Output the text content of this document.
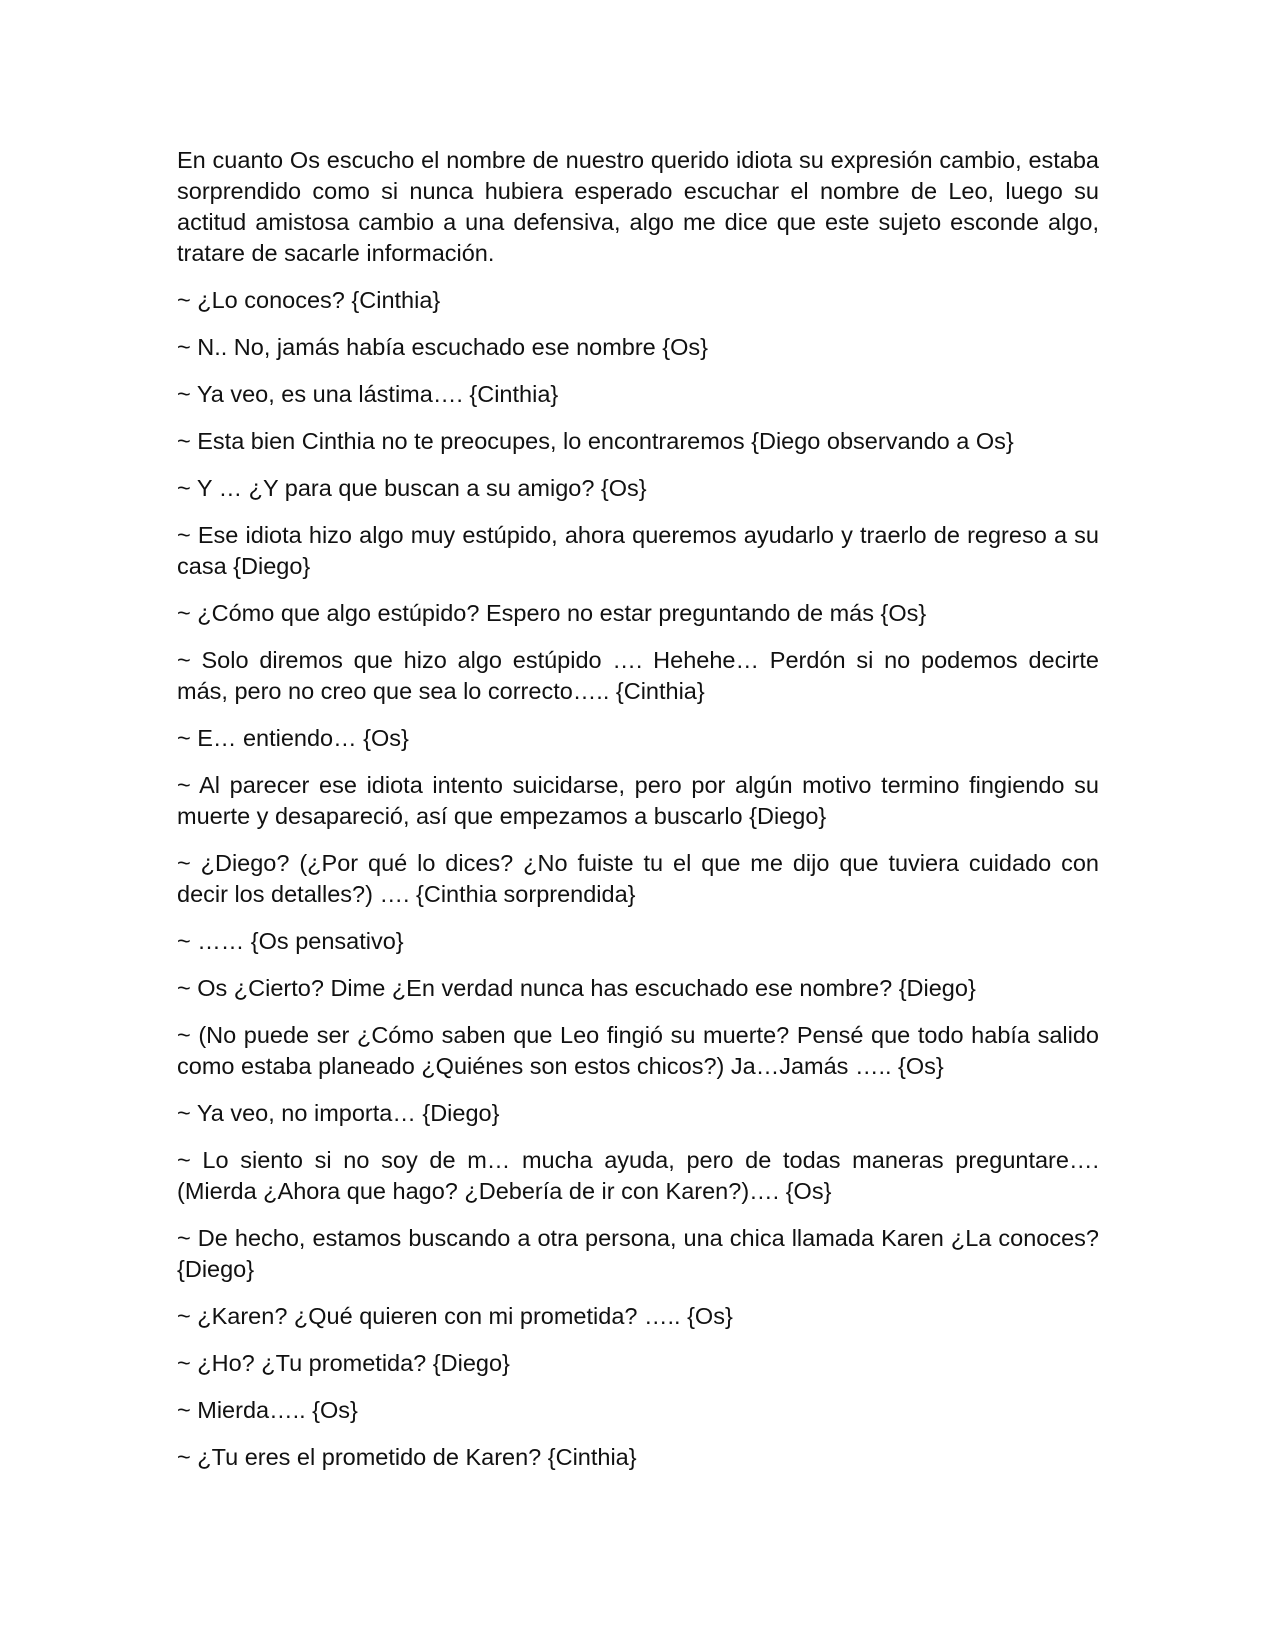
En cuanto Os escucho el nombre de nuestro querido idiota su expresión cambio, estaba sorprendido como si nunca hubiera esperado escuchar el nombre de Leo, luego su actitud amistosa cambio a una defensiva, algo me dice que este sujeto esconde algo, tratare de sacarle información.

~ ¿Lo conoces? {Cinthia}

~ N.. No, jamás había escuchado ese nombre {Os}

~ Ya veo, es una lástima…. {Cinthia}

~ Esta bien Cinthia no te preocupes, lo encontraremos {Diego observando a Os}

~ Y … ¿Y para que buscan a su amigo? {Os}

~ Ese idiota hizo algo muy estúpido, ahora queremos ayudarlo y traerlo de regreso a su casa {Diego}

~ ¿Cómo que algo estúpido? Espero no estar preguntando de más {Os}

~ Solo diremos que hizo algo estúpido …. Hehehe… Perdón si no podemos decirte más, pero no creo que sea lo correcto….. {Cinthia}

~ E… entiendo… {Os}

~ Al parecer ese idiota intento suicidarse, pero por algún motivo termino fingiendo su muerte y desapareció, así que empezamos a buscarlo {Diego}

~ ¿Diego? (¿Por qué lo dices? ¿No fuiste tu el que me dijo que tuviera cuidado con decir los detalles?) …. {Cinthia sorprendida}

~ …… {Os pensativo}

~ Os ¿Cierto? Dime ¿En verdad nunca has escuchado ese nombre? {Diego}

~ (No puede ser ¿Cómo saben que Leo fingió su muerte? Pensé que todo había salido como estaba planeado ¿Quiénes son estos chicos?) Ja…Jamás ….. {Os}

~ Ya veo, no importa… {Diego}

~ Lo siento si no soy de m… mucha ayuda, pero de todas maneras preguntare…. (Mierda ¿Ahora que hago? ¿Debería de ir con Karen?)…. {Os}

~ De hecho, estamos buscando a otra persona, una chica llamada Karen ¿La conoces? {Diego}

~ ¿Karen? ¿Qué quieren con mi prometida? ….. {Os}

~ ¿Ho? ¿Tu prometida? {Diego}

~ Mierda….. {Os}

~ ¿Tu eres el prometido de Karen? {Cinthia}
